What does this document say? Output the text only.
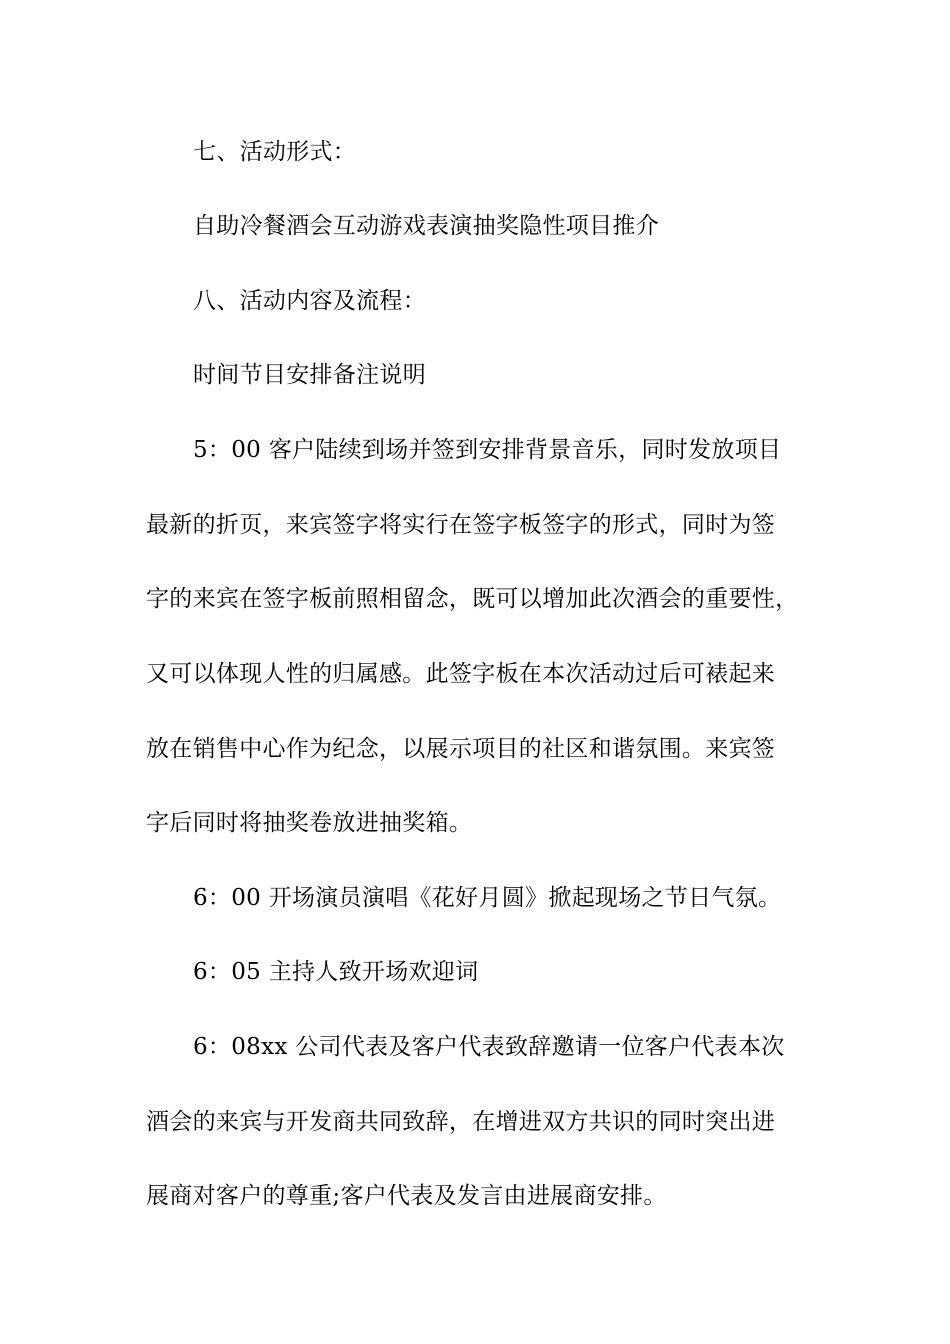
七、活动形式：
自助冷餐酒会互动游戏表演抽奖隐性项目推介
八、活动内容及流程：
时间节目安排备注说明
5：00 客户陆续到场并签到安排背景音乐，同时发放项目
最新的折页，来宾签字将实行在签字板签字的形式，同时为签
字的来宾在签字板前照相留念，既可以增加此次酒会的重要性，
又可以体现人性的归属感。此签字板在本次活动过后可裱起来
放在销售中心作为纪念，以展示项目的社区和谐氛围。来宾签
字后同时将抽奖卷放进抽奖箱。
6：00 开场演员演唱《花好月圆》掀起现场之节日气氛。
6：05 主持人致开场欢迎词
6：08xx 公司代表及客户代表致辞邀请一位客户代表本次
酒会的来宾与开发商共同致辞，在增进双方共识的同时突出进
展商对客户的尊重;客户代表及发言由进展商安排。
